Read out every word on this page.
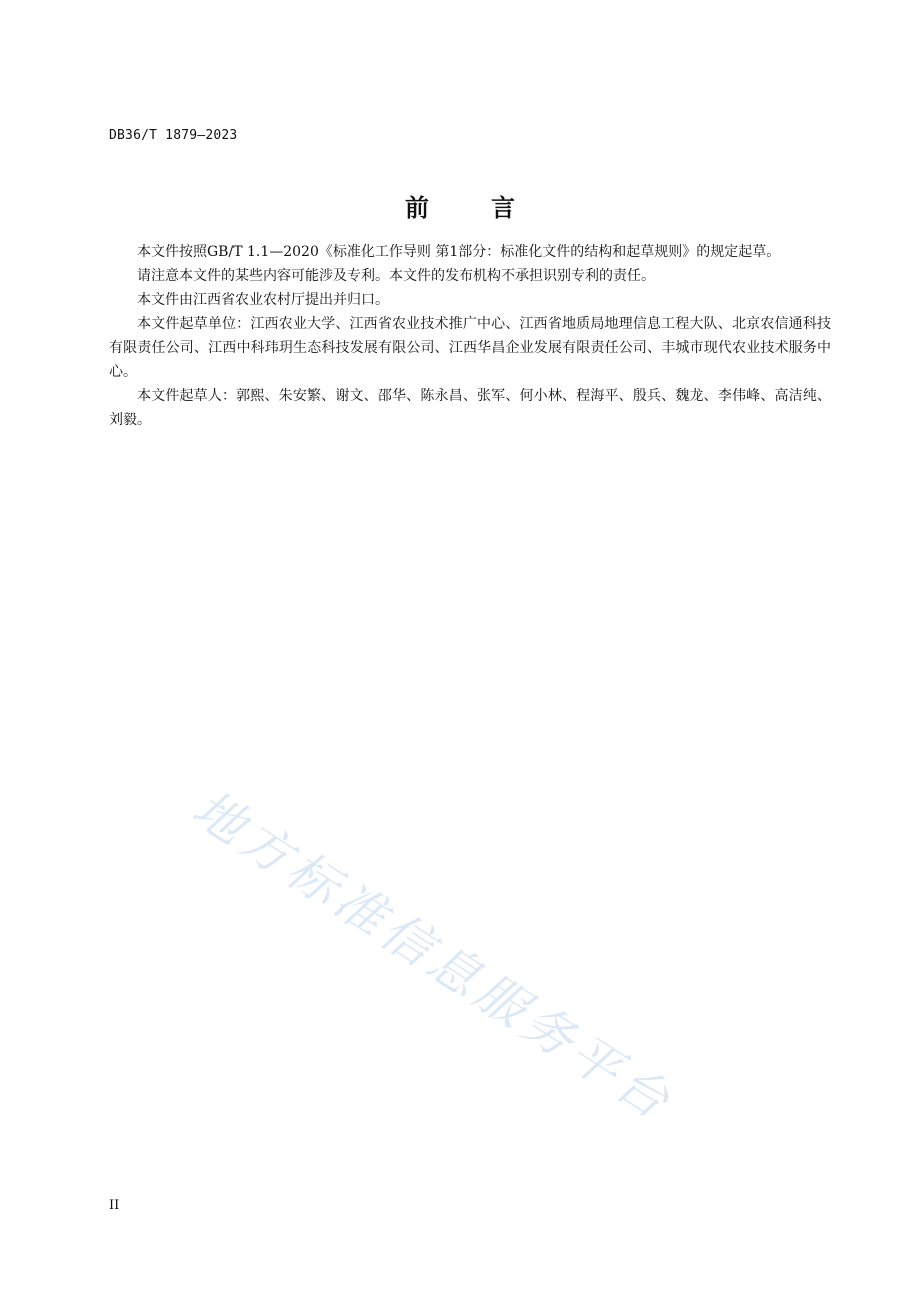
DB36/T 1879—2023
前言

本文件按照GB/T 1.1—2020《标准化工作导则 第1部分：标准化文件的结构和起草规则》的规定起草。

请注意本文件的某些内容可能涉及专利。本文件的发布机构不承担识别专利的责任。

本文件由江西省农业农村厅提出并归口。

本文件起草单位：江西农业大学、江西省农业技术推广中心、江西省地质局地理信息工程大队、北京农信通科技有限责任公司、江西中科玮玥生态科技发展有限公司、江西华昌企业发展有限责任公司、丰城市现代农业技术服务中心。

本文件起草人：郭熙、朱安繁、谢文、邵华、陈永昌、张军、何小林、程海平、殷兵、魏龙、李伟峰、高洁纯、刘毅。

地方标准信息服务平台
II
